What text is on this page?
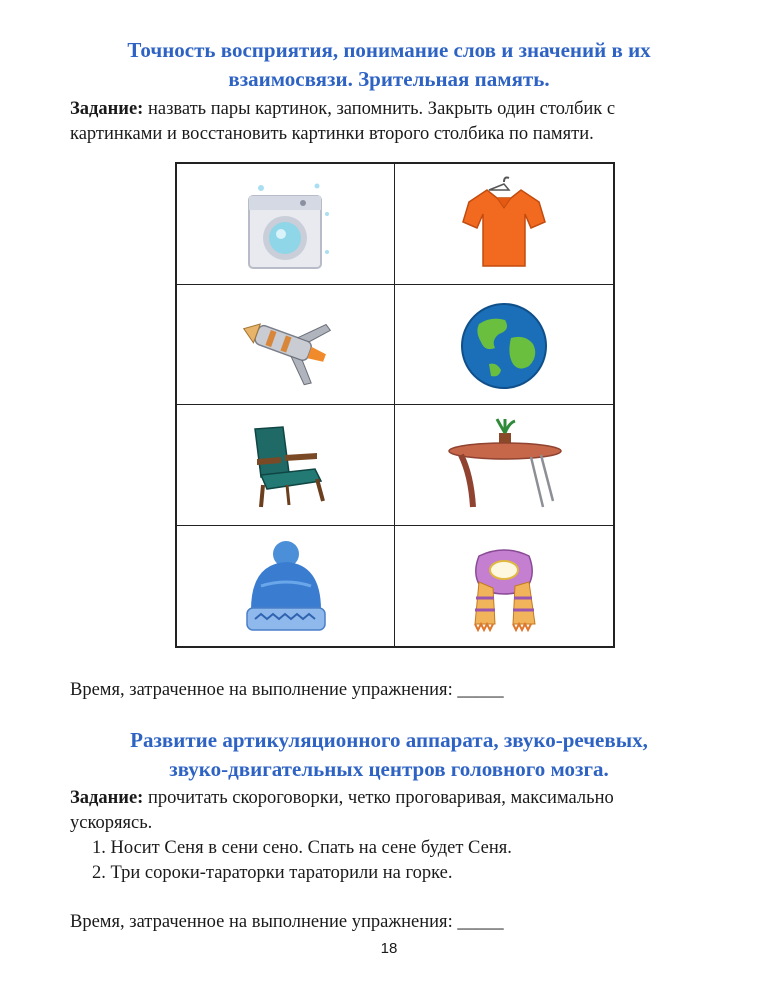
Точность восприятия, понимание слов и значений в их
взаимосвязи. Зрительная память.
Задание: назвать пары картинок, запомнить. Закрыть один столбик с
картинками и восстановить картинки второго столбика по памяти.
Время, затраченное на выполнение упражнения: _____
Развитие артикуляционного аппарата, звуко-речевых,
звуко-двигательных центров головного мозга.
Задание: прочитать скороговорки, четко проговаривая, максимально
ускоряясь.
1. Носит Сеня в сени сено. Спать на сене будет Сеня.
2. Три сороки-тараторки тараторили на горке.
Время, затраченное на выполнение упражнения: _____
18
